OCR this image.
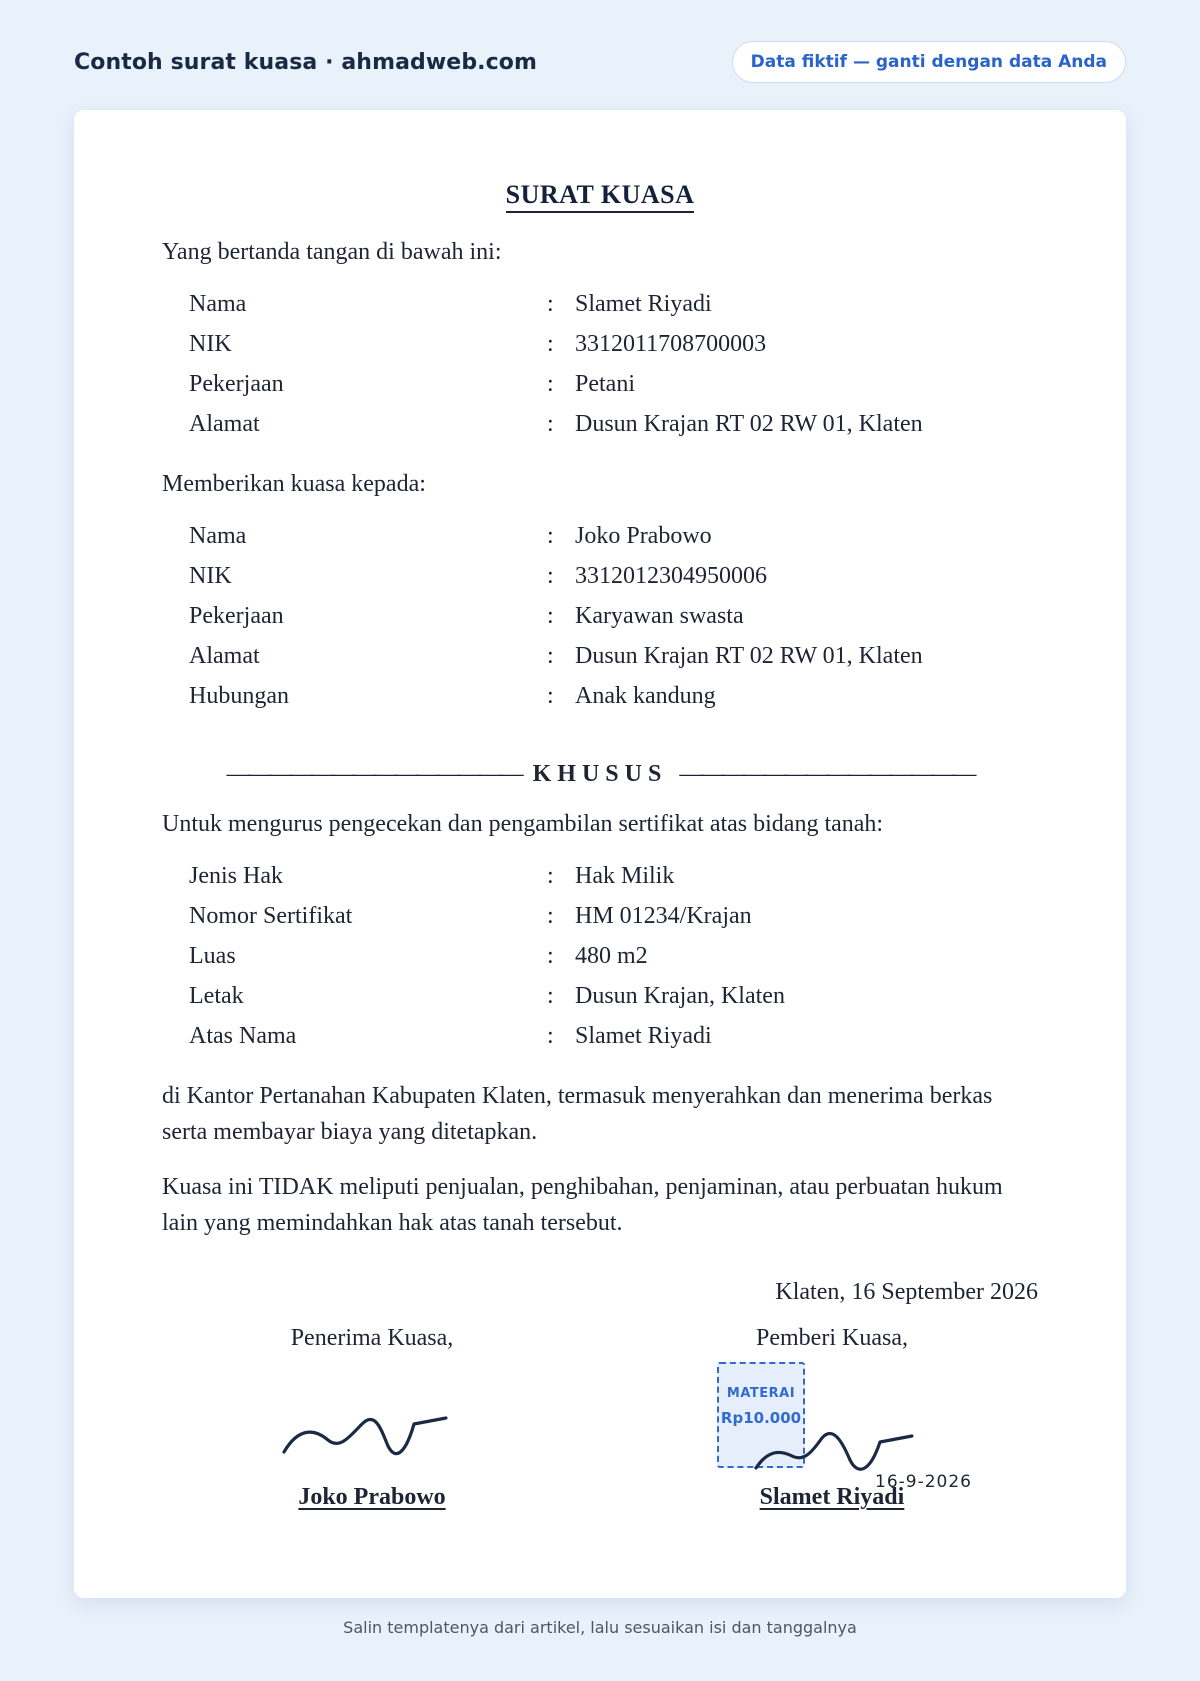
Contoh surat kuasa · ahmadweb.com	Data fiktif — ganti dengan data Anda
SURAT KUASA
Yang bertanda tangan di bawah ini:
Nama	: Slamet Riyadi
NIK	: 3312011708700003
Pekerjaan	: Petani
Alamat	: Dusun Krajan RT 02 RW 01, Klaten
Memberikan kuasa kepada:
Nama	: Joko Prabowo
NIK	: 3312012304950006
Pekerjaan	: Karyawan swasta
Alamat	: Dusun Krajan RT 02 RW 01, Klaten
Hubungan	: Anak kandung
—————————————— KHUSUS ——————————————
Untuk mengurus pengecekan dan pengambilan sertifikat atas bidang tanah:
Jenis Hak	: Hak Milik
Nomor Sertifikat	: HM 01234/Krajan
Luas	: 480 m2
Letak	: Dusun Krajan, Klaten
Atas Nama	: Slamet Riyadi
di Kantor Pertanahan Kabupaten Klaten, termasuk menyerahkan dan menerima berkas serta membayar biaya yang ditetapkan.
Kuasa ini TIDAK meliputi penjualan, penghibahan, penjaminan, atau perbuatan hukum lain yang memindahkan hak atas tanah tersebut.
Klaten, 16 September 2026
Penerima Kuasa,
Joko Prabowo
Pemberi Kuasa,
MATERAI
Rp10.000
16-9-2026
Slamet Riyadi
Salin templatenya dari artikel, lalu sesuaikan isi dan tanggalnya
